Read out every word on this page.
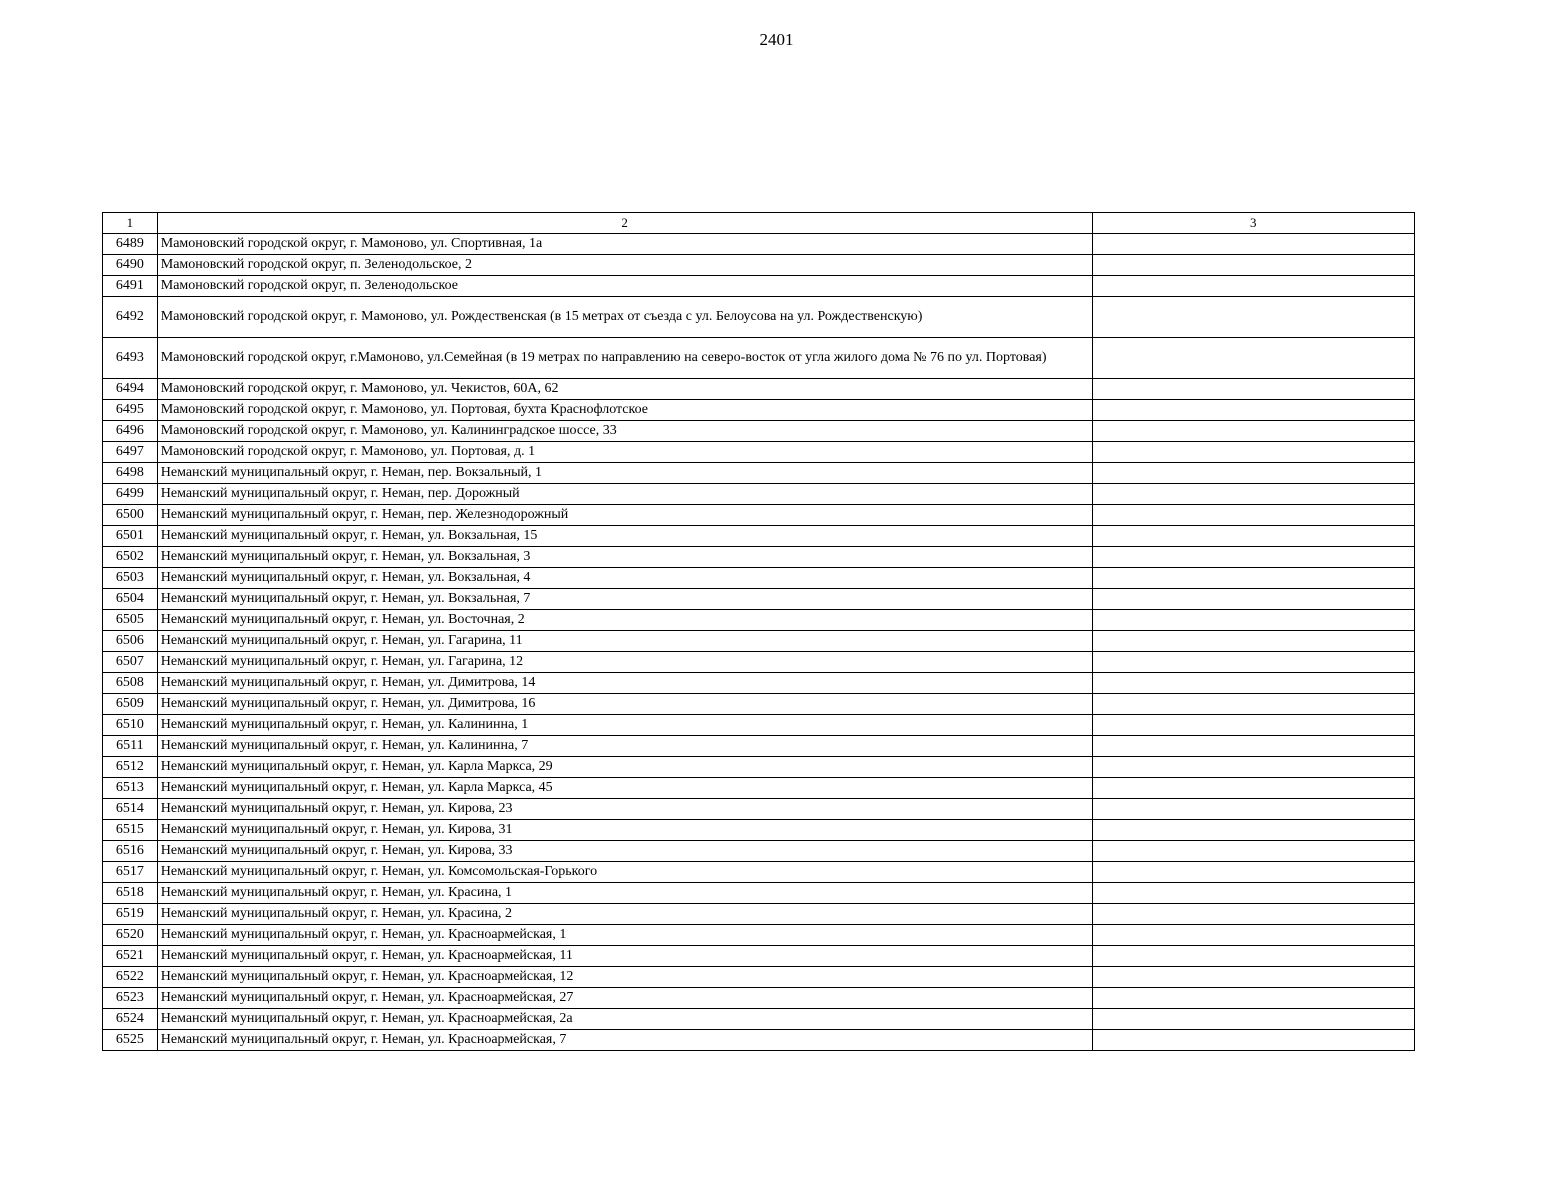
2401
1	2	3
6489	Мамоновский городской округ, г. Мамоново, ул. Спортивная, 1а	
6490	Мамоновский городской округ, п. Зеленодольское, 2	
6491	Мамоновский городской округ, п. Зеленодольское	
6492	Мамоновский городской округ, г. Мамоново, ул. Рождественская (в 15 метрах от съезда с ул. Белоусова на ул. Рождественскую)	
6493	Мамоновский городской округ, г.Мамоново, ул.Семейная (в 19 метрах по направлению на северо-восток от угла жилого дома № 76 по ул. Портовая)	
6494	Мамоновский городской округ, г. Мамоново, ул. Чекистов, 60А, 62	
6495	Мамоновский городской округ, г. Мамоново, ул. Портовая, бухта Краснофлотское	
6496	Мамоновский городской округ, г. Мамоново, ул. Калининградское шоссе, 33	
6497	Мамоновский городской округ, г. Мамоново, ул. Портовая, д. 1	
6498	Неманский муниципальный округ, г. Неман, пер. Вокзальный, 1	
6499	Неманский муниципальный округ, г. Неман, пер. Дорожный	
6500	Неманский муниципальный округ, г. Неман, пер. Железнодорожный	
6501	Неманский муниципальный округ, г. Неман, ул. Вокзальная, 15	
6502	Неманский муниципальный округ, г. Неман, ул. Вокзальная, 3	
6503	Неманский муниципальный округ, г. Неман, ул. Вокзальная, 4	
6504	Неманский муниципальный округ, г. Неман, ул. Вокзальная, 7	
6505	Неманский муниципальный округ, г. Неман, ул. Восточная, 2	
6506	Неманский муниципальный округ, г. Неман, ул. Гагарина, 11	
6507	Неманский муниципальный округ, г. Неман, ул. Гагарина, 12	
6508	Неманский муниципальный округ, г. Неман, ул. Димитрова, 14	
6509	Неманский муниципальный округ, г. Неман, ул. Димитрова, 16	
6510	Неманский муниципальный округ, г. Неман, ул. Калининна, 1	
6511	Неманский муниципальный округ, г. Неман, ул. Калининна, 7	
6512	Неманский муниципальный округ, г. Неман, ул. Карла Маркса, 29	
6513	Неманский муниципальный округ, г. Неман, ул. Карла Маркса, 45	
6514	Неманский муниципальный округ, г. Неман, ул. Кирова, 23	
6515	Неманский муниципальный округ, г. Неман, ул. Кирова, 31	
6516	Неманский муниципальный округ, г. Неман, ул. Кирова, 33	
6517	Неманский муниципальный округ, г. Неман, ул. Комсомольская-Горького	
6518	Неманский муниципальный округ, г. Неман, ул. Красина, 1	
6519	Неманский муниципальный округ, г. Неман, ул. Красина, 2	
6520	Неманский муниципальный округ, г. Неман, ул. Красноармейская, 1	
6521	Неманский муниципальный округ, г. Неман, ул. Красноармейская, 11	
6522	Неманский муниципальный округ, г. Неман, ул. Красноармейская, 12	
6523	Неманский муниципальный округ, г. Неман, ул. Красноармейская, 27	
6524	Неманский муниципальный округ, г. Неман, ул. Красноармейская, 2а	
6525	Неманский муниципальный округ, г. Неман, ул. Красноармейская, 7	
